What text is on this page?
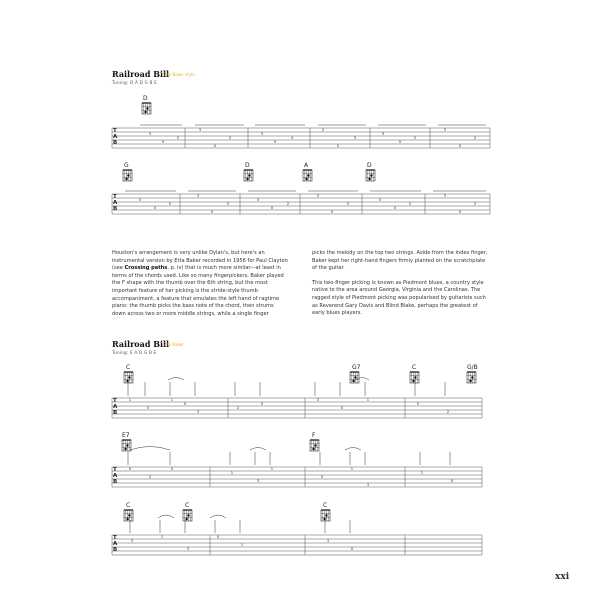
Railroad Bill
Etta Baker style
Tuning: D A D G B E
3
0
2
3
0
2
3
0
4
2
0
3
3
0
2
3
0
2
3
0
0
3
0
2
3
0
2
2
0
2
3
0
2
3
0
2
1
3
1
0
3
2
0
3
0
1
0
2
0
2
0
1
3
1
0
1
3
1
0
3
1
3
0
1
3
0
T
A
B
T
A
B
T
A
B
T
A
B
T
A
B
D
G	D	A	D

Houston's arrangement is very unlike Dylan's, but here's an instrumental version by Etta Baker recorded in 1956 for Paul Clayton (see Crossing paths, p. iv) that is much more similar—at least in terms of the chords used. Like so many fingerpickers, Baker played the F shape with the thumb over the 6th string, but the most important feature of her picking is the stride-style thumb accompaniment, a feature that emulates the left hand of ragtime piano: the thumb picks the bass note of the chord, then strums down across two or more middle strings, while a single finger

picks the melody on the top two strings. Aside from the index finger, Baker kept her right-hand fingers firmly planted on the scratchplate of the guitar.

This two-finger picking is known as Piedmont blues, a country style native to the area around Georgia, Virginia and the Carolinas. The ragged style of Piedmont picking was popularised by guitarists such as Reverend Gary Davis and Blind Blake, perhaps the greatest of early blues players.

Railroad Bill
Etta Baker
Tuning: E A D G B E
C	G7	C	G/B
E7	F
C	C	C
xxi
